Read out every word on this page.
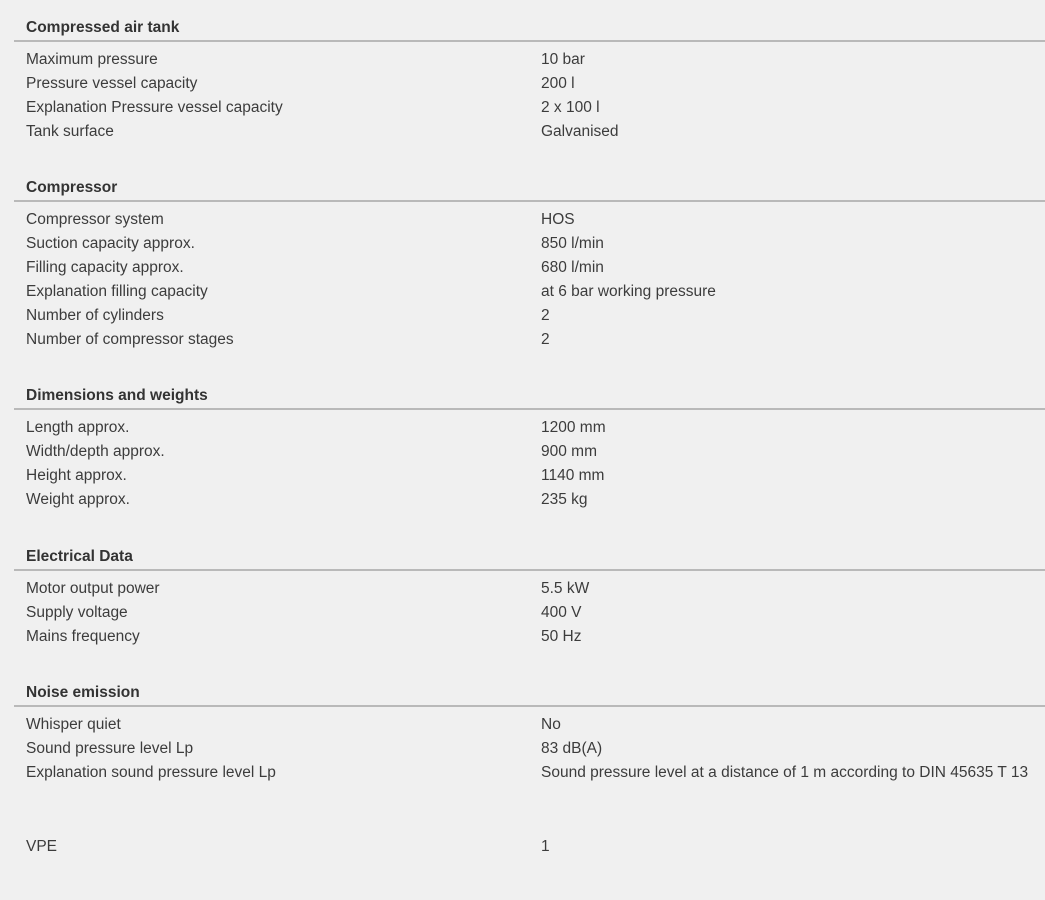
Compressed air tank
Maximum pressure	10 bar
Pressure vessel capacity	200 l
Explanation Pressure vessel capacity	2 x 100 l
Tank surface	Galvanised
Compressor
Compressor system	HOS
Suction capacity approx.	850 l/min
Filling capacity approx.	680 l/min
Explanation filling capacity	at 6 bar working pressure
Number of cylinders	2
Number of compressor stages	2
Dimensions and weights
Length approx.	1200 mm
Width/depth approx.	900 mm
Height approx.	1140 mm
Weight approx.	235 kg
Electrical Data
Motor output power	5.5 kW
Supply voltage	400 V
Mains frequency	50 Hz
Noise emission
Whisper quiet	No
Sound pressure level Lp	83 dB(A)
Explanation sound pressure level Lp	Sound pressure level at a distance of 1 m according to DIN 45635 T 13
VPE	1
